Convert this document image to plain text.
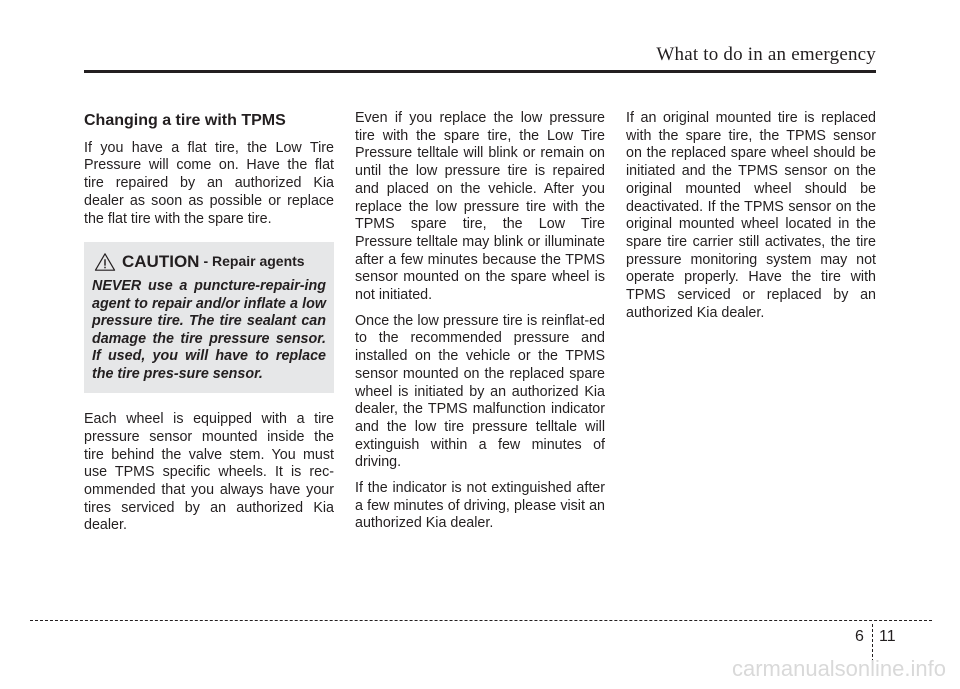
What to do in an emergency
Changing a tire with TPMS

If you have a flat tire, the Low Tire Pressure will come on. Have the flat tire repaired by an authorized Kia dealer as soon as possible or replace the flat tire with the spare tire.

CAUTION - Repair agents
NEVER use a puncture-repair-ing agent to repair and/or inflate a low pressure tire. The tire sealant can damage the tire pressure sensor. If used, you will have to replace the tire pres-sure sensor.

Each wheel is equipped with a tire pressure sensor mounted inside the tire behind the valve stem. You must use TPMS specific wheels. It is rec-ommended that you always have your tires serviced by an authorized Kia dealer.

Even if you replace the low pressure tire with the spare tire, the Low Tire Pressure telltale will blink or remain on until the low pressure tire is repaired and placed on the vehicle. After you replace the low pressure tire with the TPMS spare tire, the Low Tire Pressure telltale may blink or illuminate after a few minutes because the TPMS sensor mounted on the spare wheel is not initiated.

Once the low pressure tire is reinflat-ed to the recommended pressure and installed on the vehicle or the TPMS sensor mounted on the replaced spare wheel is initiated by an authorized Kia dealer, the TPMS malfunction indicator and the low tire pressure telltale will extinguish within a few minutes of driving.

If the indicator is not extinguished after a few minutes of driving, please visit an authorized Kia dealer.

If an original mounted tire is replaced with the spare tire, the TPMS sensor on the replaced spare wheel should be initiated and the TPMS sensor on the original mounted wheel should be deactivated. If the TPMS sensor on the original mounted wheel located in the spare tire carrier still activates, the tire pressure monitoring system may not operate properly. Have the tire with TPMS serviced or replaced by an authorized Kia dealer.

6 11
carmanualsonline.info
